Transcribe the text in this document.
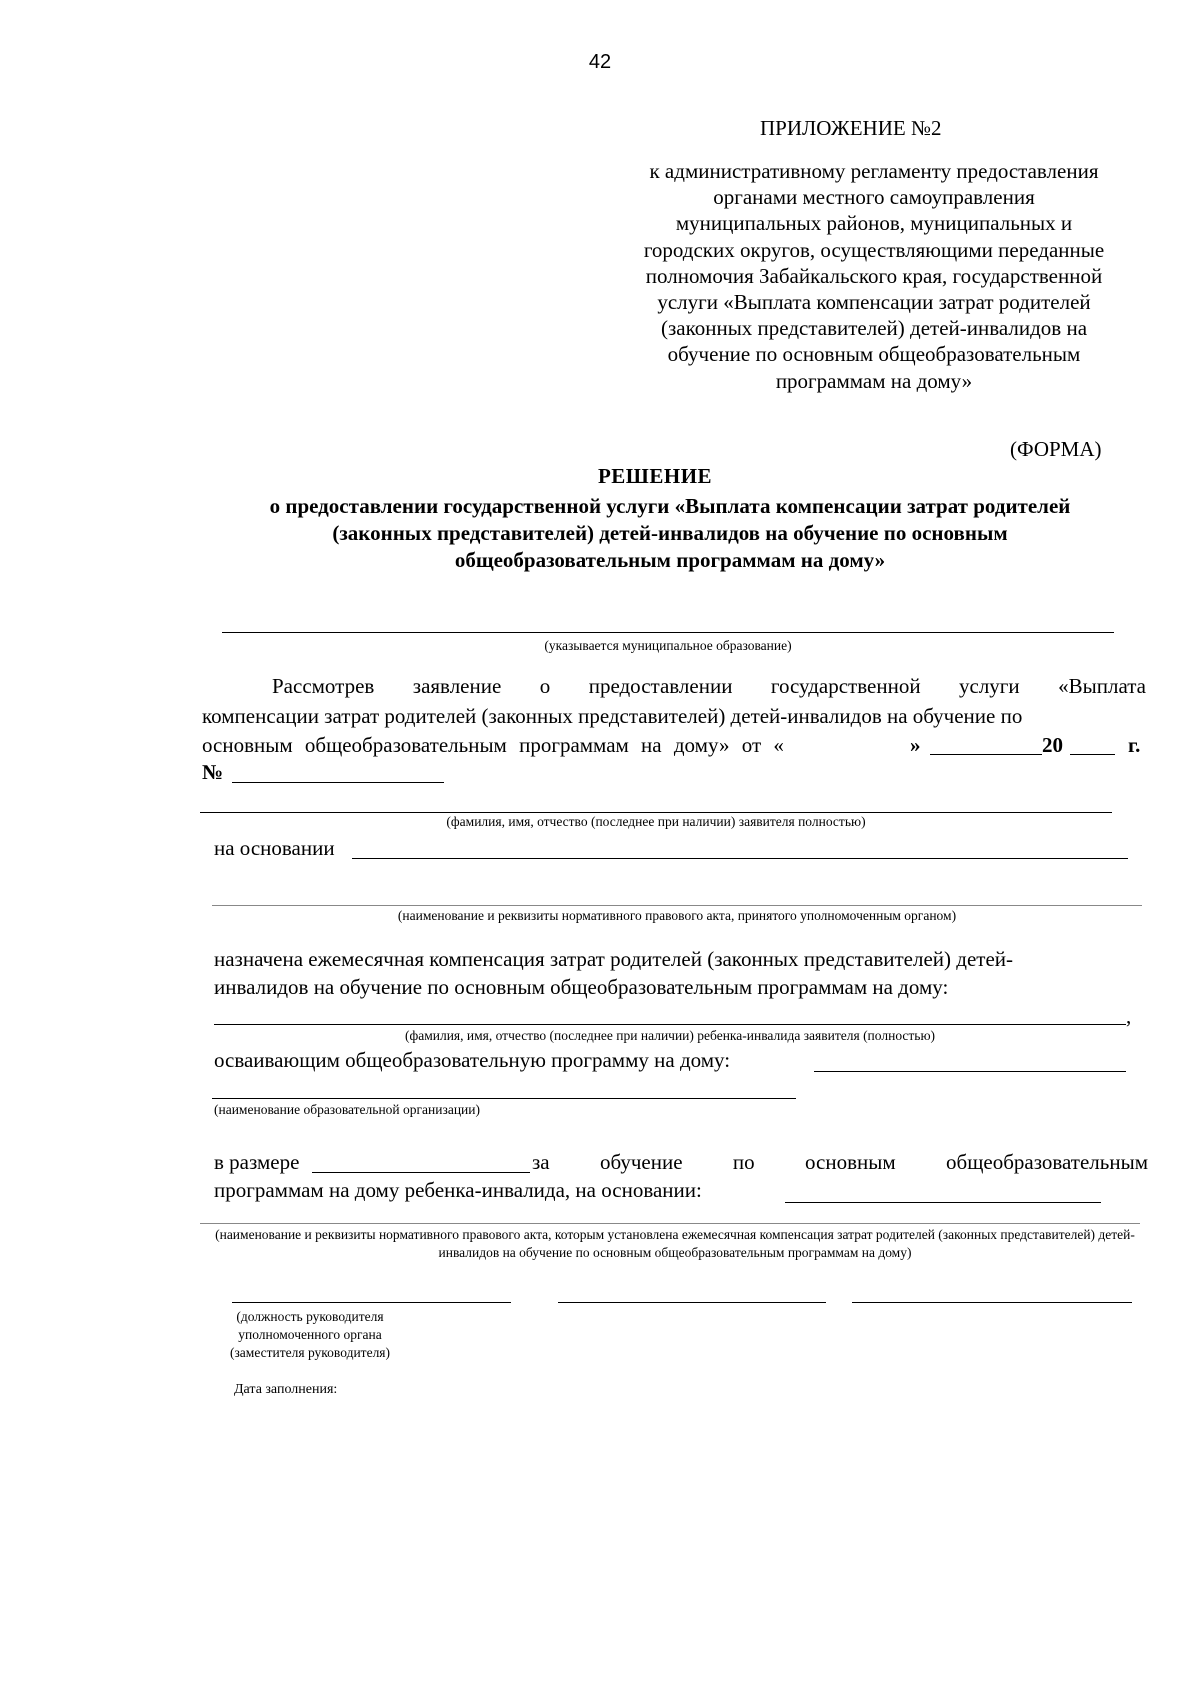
42
ПРИЛОЖЕНИЕ №2
к административному регламенту предоставления
органами местного самоуправления
муниципальных районов, муниципальных и
городских округов, осуществляющими переданные
полномочия Забайкальского края, государственной
услуги «Выплата компенсации затрат родителей
(законных представителей) детей-инвалидов на
обучение по основным общеобразовательным
программам на дому»
(ФОРМА)
РЕШЕНИЕ
о предоставлении государственной услуги «Выплата компенсации затрат родителей
(законных представителей) детей-инвалидов на обучение по основным
общеобразовательным программам на дому»
(указывается муниципальное образование)
Рассмотрев заявление о предоставлении государственной услуги «Выплата
компенсации затрат родителей (законных представителей) детей-инвалидов на обучение по
основным общеобразовательным программам на дому» от «	»	20	г.
№
(фамилия, имя, отчество (последнее при наличии) заявителя полностью)
на основании
(наименование и реквизиты нормативного правового акта, принятого уполномоченным органом)
назначена ежемесячная компенсация затрат родителей (законных представителей) детей-
инвалидов на обучение по основным общеобразовательным программам на дому:
,
(фамилия, имя, отчество (последнее при наличии) ребенка-инвалида заявителя (полностью)
осваивающим общеобразовательную программу на дому:
(наименование образовательной организации)
в размере	за обучение по основным общеобразовательным
программам на дому ребенка-инвалида, на основании:
(наименование и реквизиты нормативного правового акта, которым установлена ежемесячная компенсация затрат родителей (законных представителей) детей-инвалидов на обучение по основным общеобразовательным программам на дому)
(должность руководителя
уполномоченного органа
(заместителя руководителя)
Дата заполнения:
